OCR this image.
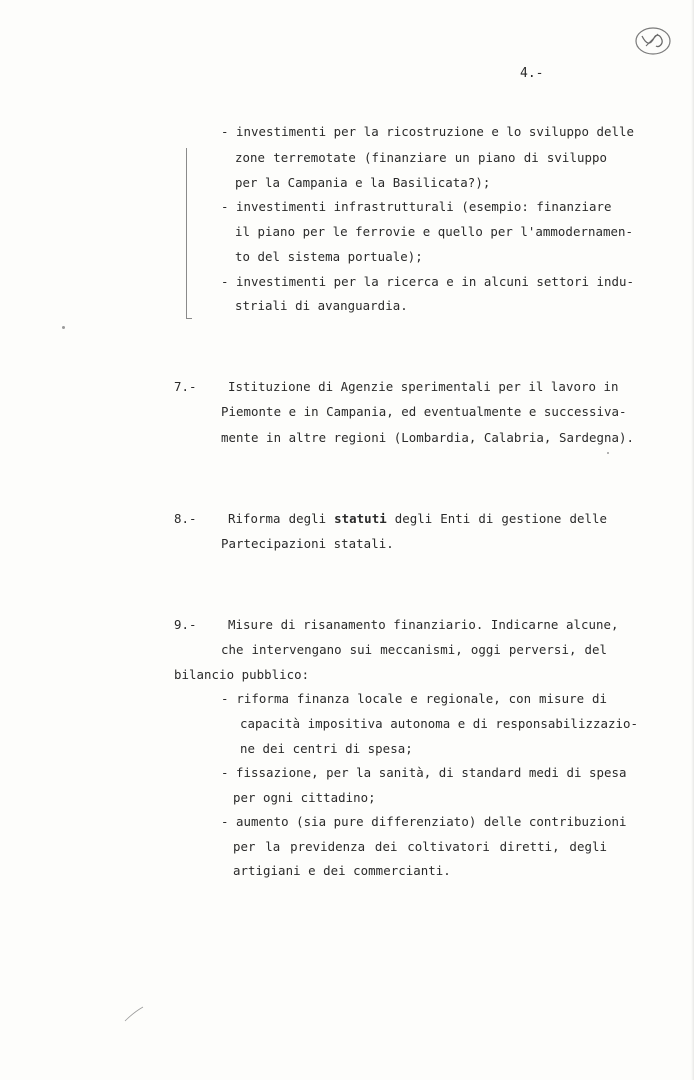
4.-
- investimenti per la ricostruzione e lo sviluppo delle
zone terremotate (finanziare un piano di sviluppo
per la Campania e la Basilicata?);
- investimenti infrastrutturali (esempio: finanziare
il piano per le ferrovie e quello per l'ammodernamen-
to del sistema portuale);
- investimenti per la ricerca e in alcuni settori indu-
striali di avanguardia.
7.-	Istituzione di Agenzie sperimentali per il lavoro in
Piemonte e in Campania, ed eventualmente e successiva-
mente in altre regioni (Lombardia, Calabria, Sardegna).
8.-	Riforma degli statuti degli Enti di gestione delle
Partecipazioni statali.
9.-	Misure di risanamento finanziario. Indicarne alcune,
che intervengano sui meccanismi, oggi perversi, del
bilancio pubblico:
- riforma finanza locale e regionale, con misure di
capacità impositiva autonoma e di responsabilizzazio-
ne dei centri di spesa;
- fissazione, per la sanità, di standard medi di spesa
per ogni cittadino;
- aumento (sia pure differenziato) delle contribuzioni
per la previdenza dei coltivatori diretti, degli
artigiani e dei commercianti.
